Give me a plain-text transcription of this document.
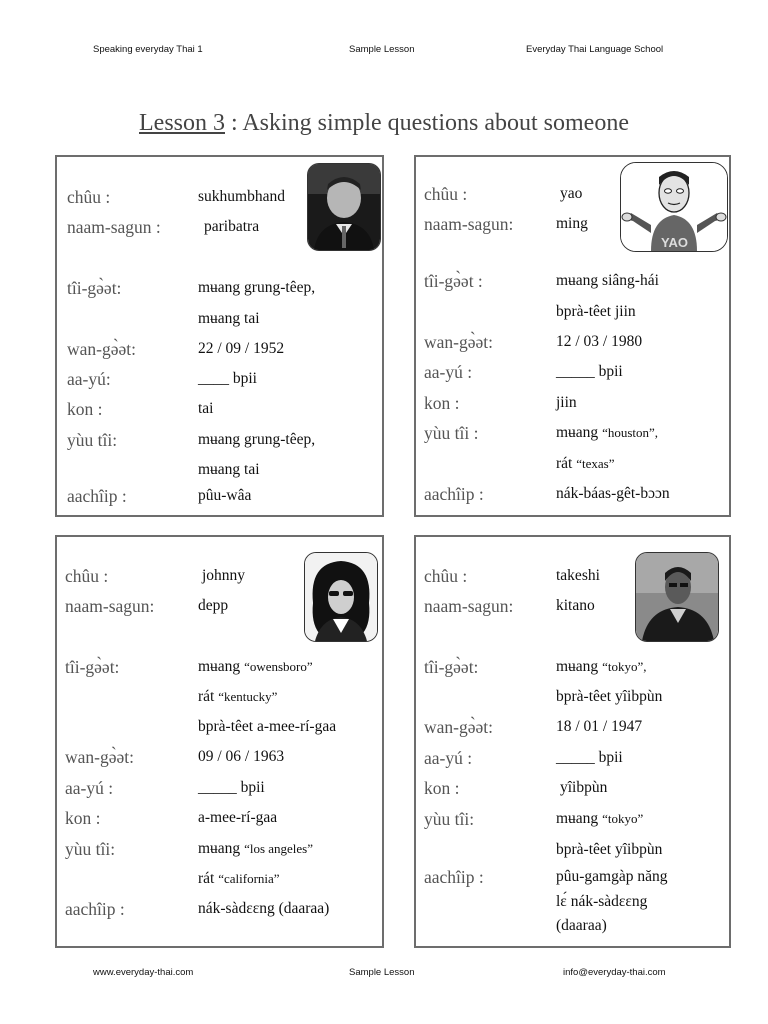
Speaking everyday Thai 1	Sample Lesson	Everyday Thai Language School
Lesson 3 : Asking simple questions about someone
chûu :	sukhumbhand
naam-sagun :	paribatra
tîi-gə̀ət:	mʉang grung-têep,
mʉang tai
wan-gə̀ət:	22 / 09 / 1952
aa-yú:	____ bpii
kon :	tai
yùu tîi:	mʉang grung-têep,
mʉang tai
aachîip :	pûu-wâa
YAO
chûu :	yao
naam-sagun:	ming
tîi-gə̀ət :	mʉang siâng-hái
bprà-têet jiin
wan-gə̀ət:	12 / 03 / 1980
aa-yú :	_____ bpii
kon :	jiin
yùu tîi :	mʉang “houston”,
rát “texas”
aachîip :	nák-báas-gêt-bɔɔn
chûu :	johnny
naam-sagun:	depp
tîi-gə̀ət:	mʉang “owensboro”
rát “kentucky”
bprà-têet a-mee-rí-gaa
wan-gə̀ət:	09 / 06 / 1963
aa-yú :	_____ bpii
kon :	a-mee-rí-gaa
yùu tîi:	mʉang “los angeles”
rát “california”
aachîip :	nák-sàdɛɛng (daaraa)
chûu :	takeshi
naam-sagun:	kitano
tîi-gə̀ət:	mʉang “tokyo”,
bprà-têet yîibpùn
wan-gə̀ət:	18 / 01 / 1947
aa-yú :	_____ bpii
kon :	yîibpùn
yùu tîi:	mʉang “tokyo”
bprà-têet yîibpùn
aachîip :	pûu-gamgàp năng
lɛ́ nák-sàdɛɛng
(daaraa)
www.everyday-thai.com	Sample Lesson	info@everyday-thai.com
